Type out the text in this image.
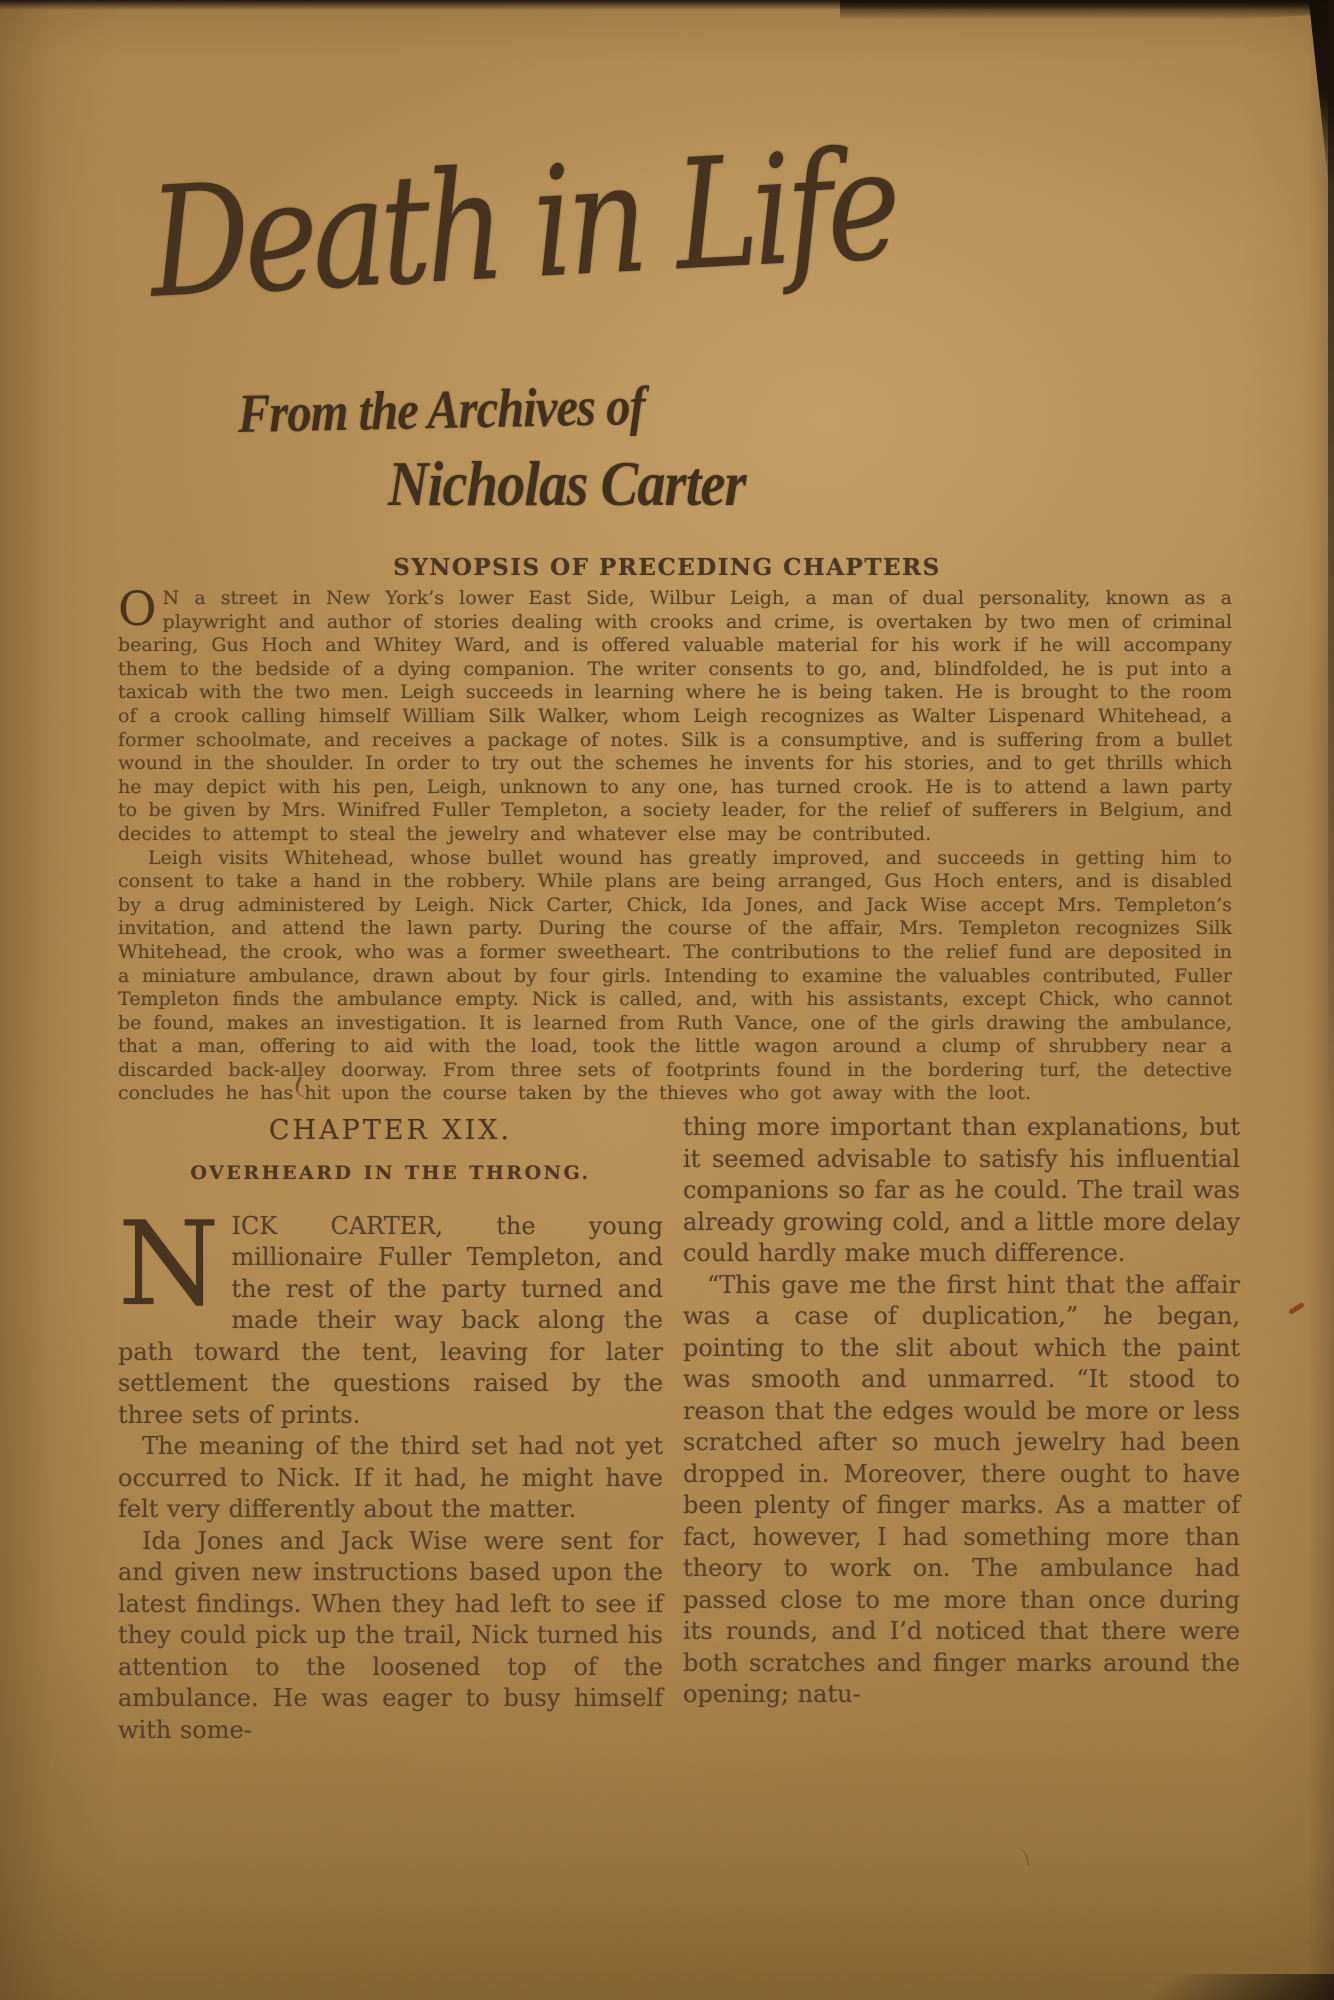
Death in Life
From the Archives of
Nicholas Carter
SYNOPSIS OF PRECEDING CHAPTERS

O N a street in New York’s lower East Side, Wilbur Leigh, a man of dual personality, known as a playwright and author of stories dealing with crooks and crime, is overtaken by two men of criminal bearing, Gus Hoch and Whitey Ward, and is offered valuable material for his work if he will accompany them to the bedside of a dying companion. The writer consents to go, and, blindfolded, he is put into a taxicab with the two men. Leigh succeeds in learning where he is being taken. He is brought to the room of a crook calling himself William Silk Walker, whom Leigh recognizes as Walter Lispenard Whitehead, a former schoolmate, and receives a package of notes. Silk is a consumptive, and is suffering from a bullet wound in the shoulder. In order to try out the schemes he invents for his stories, and to get thrills which he may depict with his pen, Leigh, unknown to any one, has turned crook. He is to attend a lawn party to be given by Mrs. Winifred Fuller Templeton, a society leader, for the relief of sufferers in Belgium, and decides to attempt to steal the jewelry and whatever else may be contributed.

Leigh visits Whitehead, whose bullet wound has greatly improved, and succeeds in getting him to consent to take a hand in the robbery. While plans are being arranged, Gus Hoch enters, and is disabled by a drug administered by Leigh. Nick Carter, Chick, Ida Jones, and Jack Wise accept Mrs. Templeton’s invitation, and attend the lawn party. During the course of the affair, Mrs. Templeton recognizes Silk Whitehead, the crook, who was a former sweetheart. The contributions to the relief fund are deposited in a miniature ambulance, drawn about by four girls. Intending to examine the valuables contributed, Fuller Templeton finds the ambulance empty. Nick is called, and, with his assistants, except Chick, who cannot be found, makes an investigation. It is learned from Ruth Vance, one of the girls drawing the ambulance, that a man, offering to aid with the load, took the little wagon around a clump of shrubbery near a discarded back-alley doorway. From three sets of footprints found in the bordering turf, the detective concludes he has hit upon the course taken by the thieves who got away with the loot.

CHAPTER XIX.
OVERHEARD IN THE THRONG.

NICK CARTER, the young millionaire Fuller Templeton, and the rest of the party turned and made their way back along the path toward the tent, leaving for later settlement the questions raised by the three sets of prints.

The meaning of the third set had not yet occurred to Nick. If it had, he might have felt very differently about the matter.

Ida Jones and Jack Wise were sent for and given new instructions based upon the latest findings. When they had left to see if they could pick up the trail, Nick turned his attention to the loosened top of the ambulance. He was eager to busy himself with some-

thing more important than explanations, but it seemed advisable to satisfy his influential companions so far as he could. The trail was already growing cold, and a little more delay could hardly make much difference.

“This gave me the first hint that the affair was a case of duplication,” he began, pointing to the slit about which the paint was smooth and unmarred. “It stood to reason that the edges would be more or less scratched after so much jewelry had been dropped in. Moreover, there ought to have been plenty of finger marks. As a matter of fact, however, I had something more than theory to work on. The ambulance had passed close to me more than once during its rounds, and I’d noticed that there were both scratches and finger marks around the opening; natu-
